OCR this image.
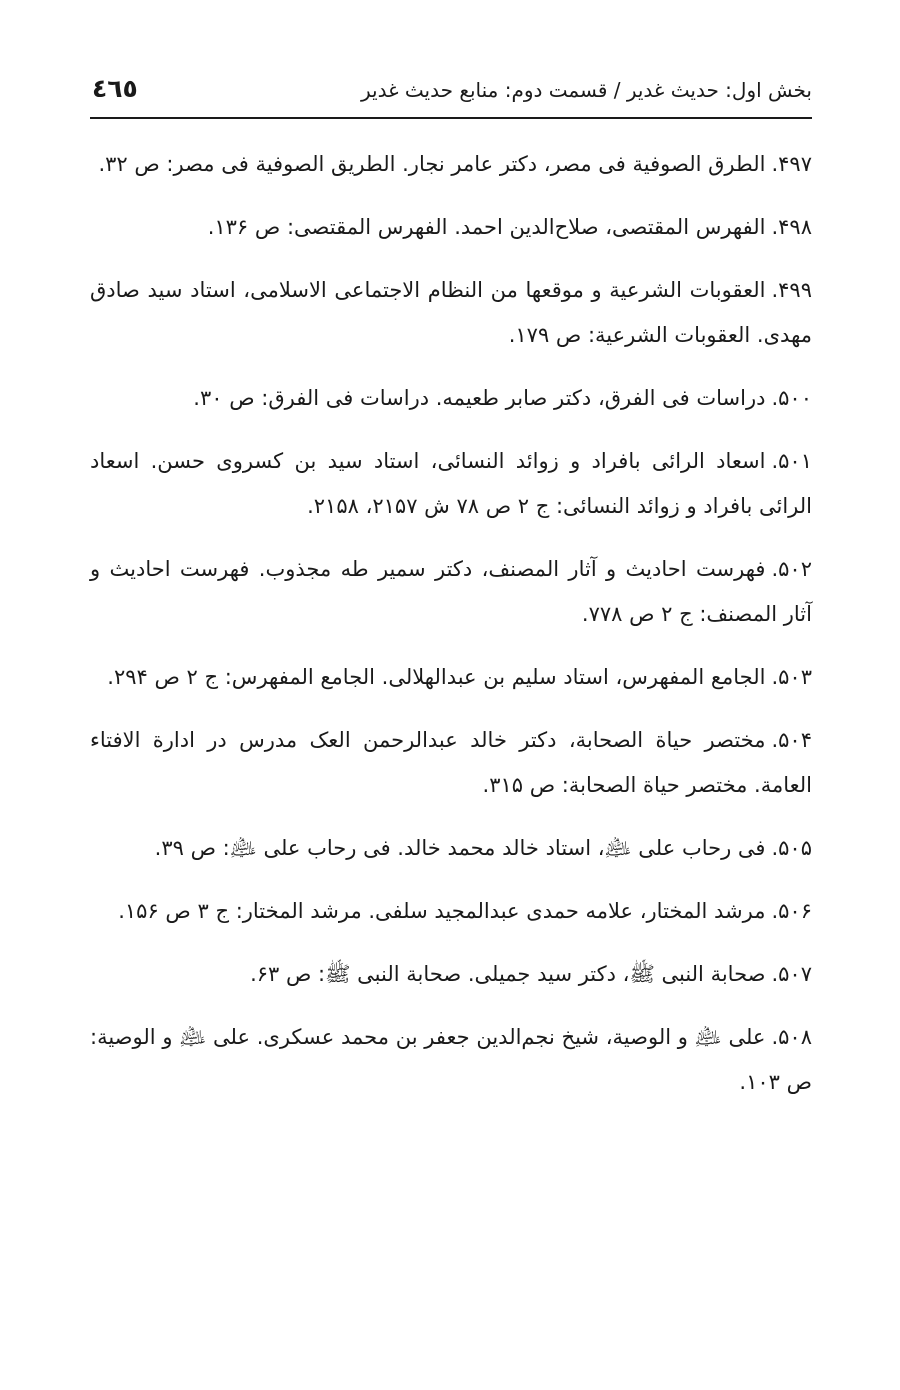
بخش اول: حدیث غدیر / قسمت دوم: منابع حدیث غدیر
٤٦٥

۴۹۷.الطرق الصوفية فی مصر، دکتر عامر نجار. الطریق الصوفیة فی مصر: ص ۳۲.

۴۹۸.الفهرس المقتصی، صلاح‌الدین احمد. الفهرس المقتصی: ص ۱۳۶.

۴۹۹.العقوبات الشرعية و موقعها من النظام الاجتماعی الاسلامی، استاد سید صادق مهدی. العقوبات الشرعیة: ص ۱۷۹.

۵۰۰.دراسات فی الفرق، دکتر صابر طعیمه. دراسات فی الفرق: ص ۳۰.

۵۰۱.اسعاد الرائی بافراد و زوائد النسائی، استاد سید بن کسروی حسن. اسعاد الرائی بافراد و زوائد النسائی: ج ۲ ص ۷۸ ش ۲۱۵۷، ۲۱۵۸.

۵۰۲.فهرست احادیث و آثار المصنف، دکتر سمیر طه مجذوب. فهرست احادیث و آثار المصنف: ج ۲ ص ۷۷۸.

۵۰۳.الجامع المفهرس، استاد سلیم بن عبدالهلالی. الجامع المفهرس: ج ۲ ص ۲۹۴.

۵۰۴.مختصر حیاة الصحابة، دکتر خالد عبدالرحمن العک مدرس در ادارة الافتاء العامة. مختصر حیاة الصحابة: ص ۳۱۵.

۵۰۵.فی رحاب علی ﵇، استاد خالد محمد خالد. فی رحاب علی ﵇: ص ۳۹.

۵۰۶.مرشد المختار، علامه حمدی عبدالمجید سلفی. مرشد المختار: ج ۳ ص ۱۵۶.

۵۰۷.صحابة النبی ﷺ، دکتر سید جمیلی. صحابة النبی ﷺ: ص ۶۳.

۵۰۸.علی ﵇ و الوصیة، شیخ نجم‌الدین جعفر بن محمد عسکری. علی ﵇ و الوصیة: ص ۱۰۳.
